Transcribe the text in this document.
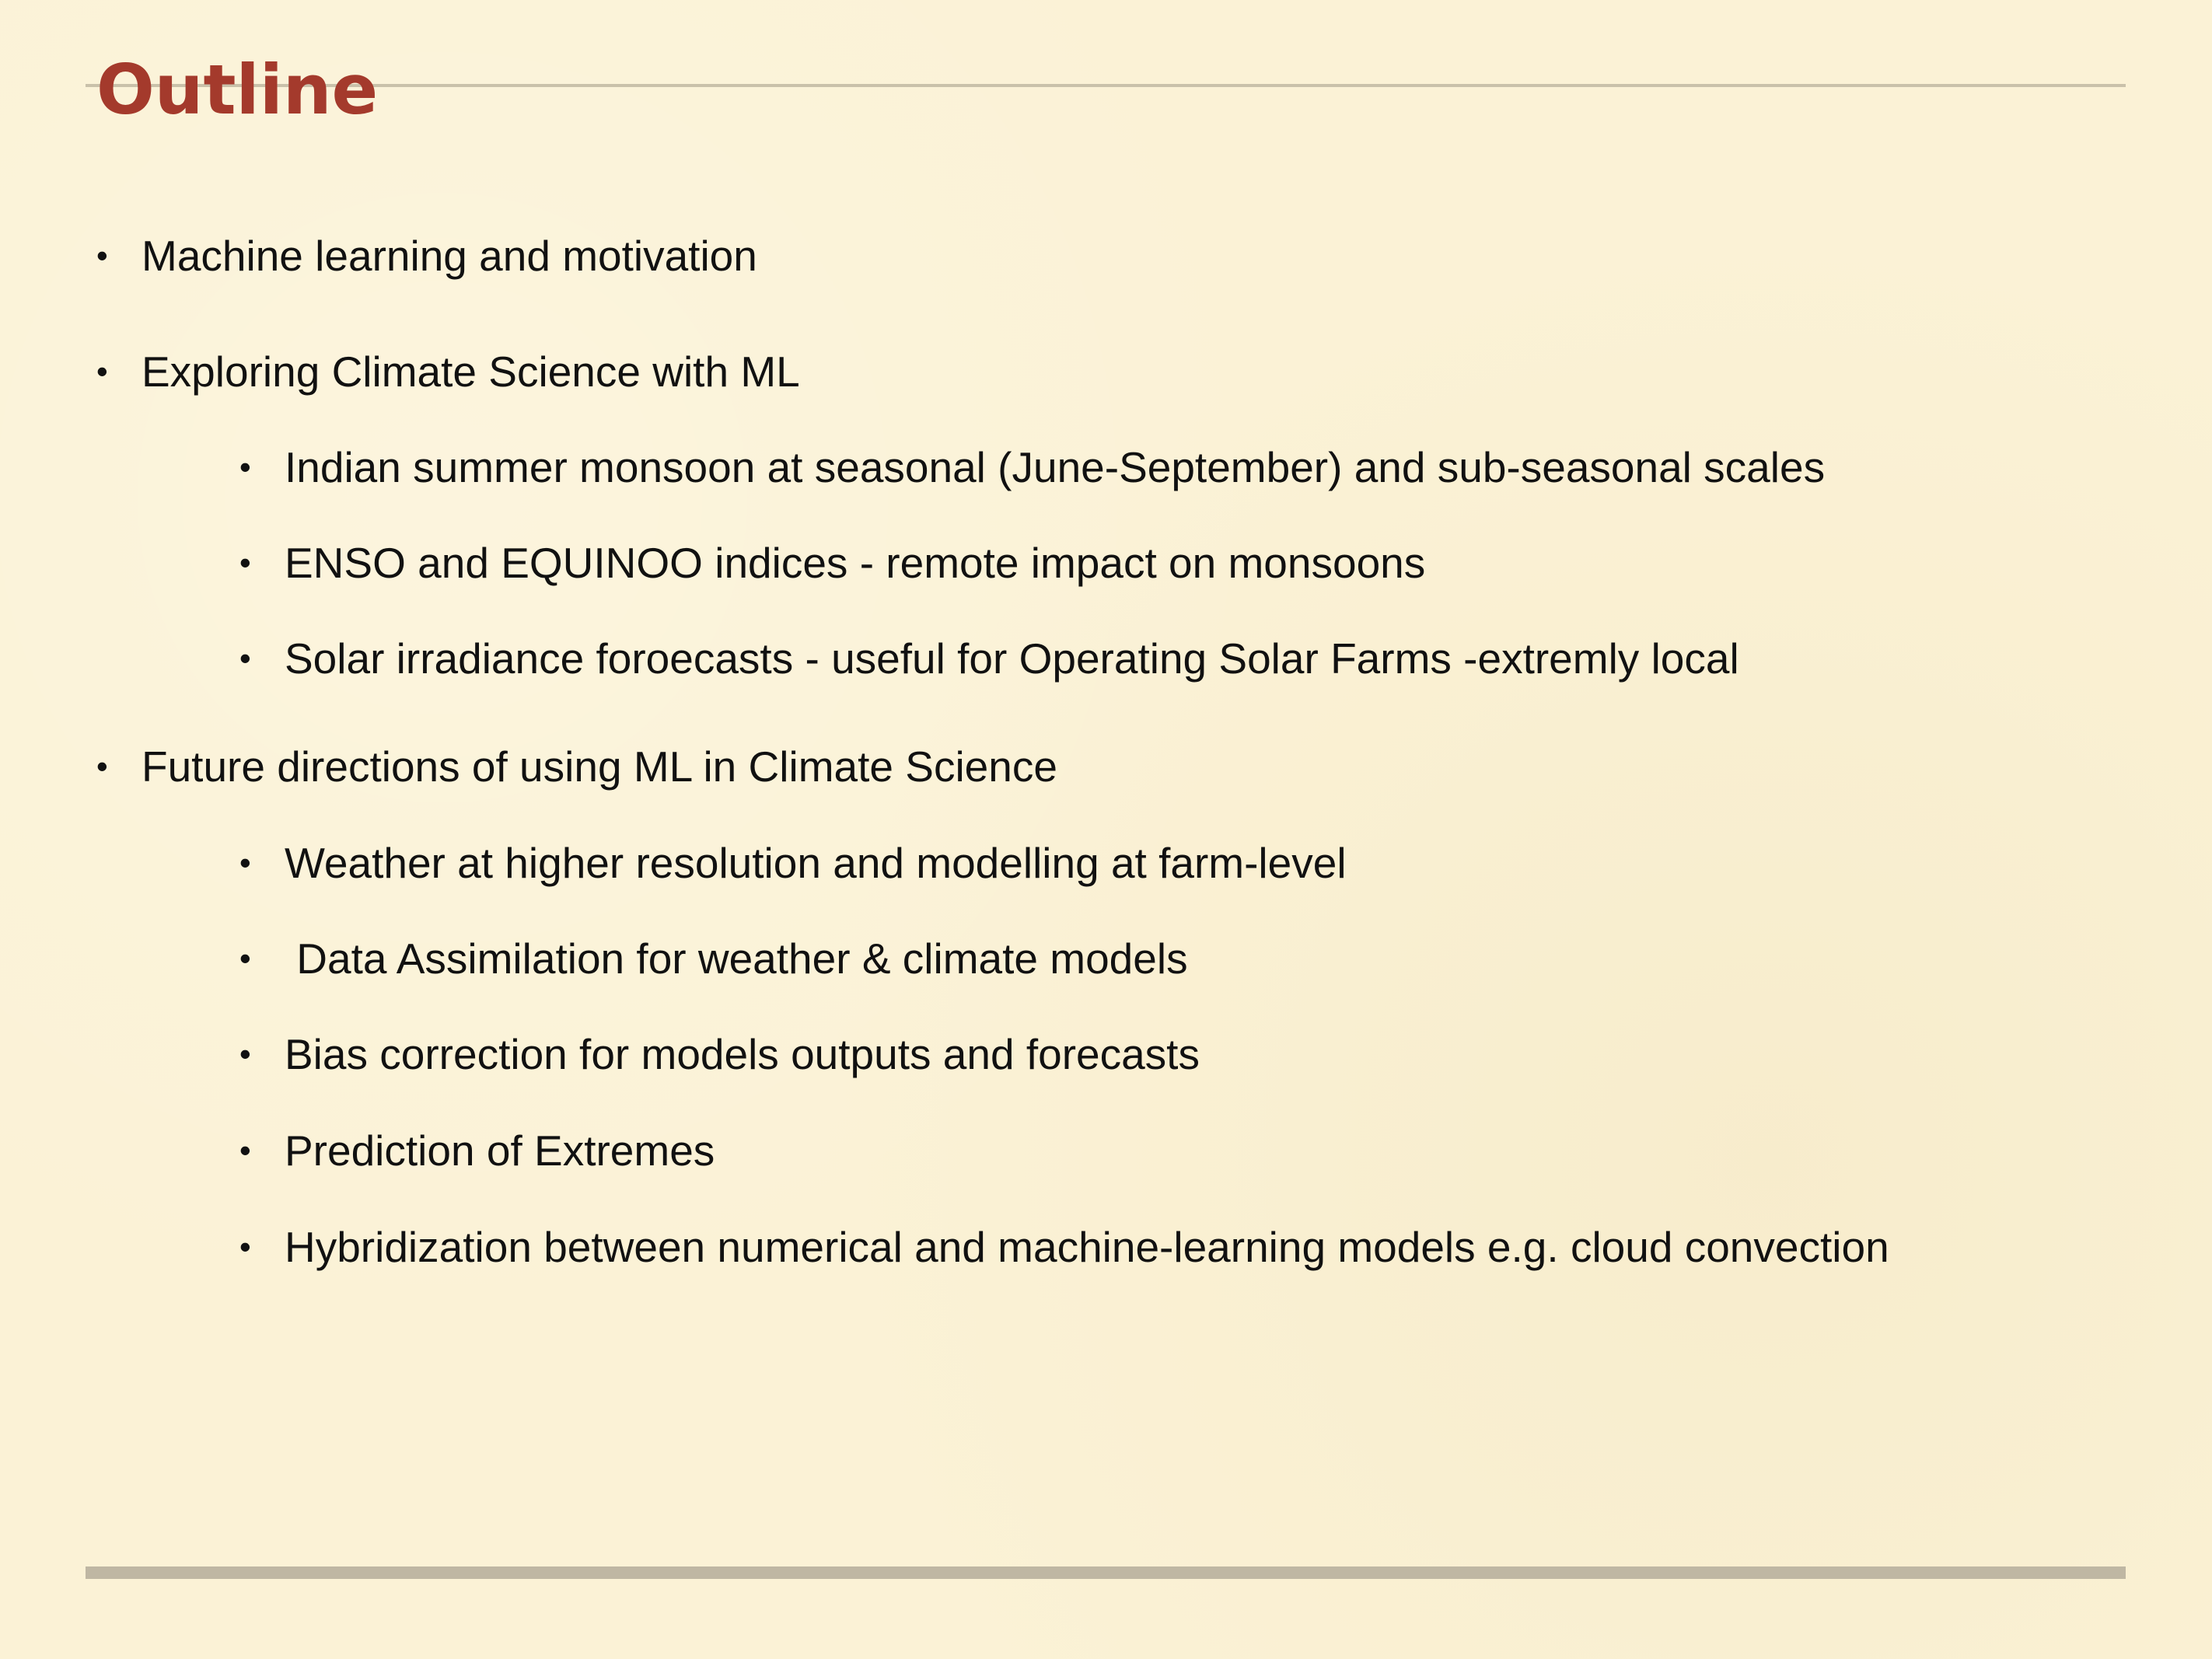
Outline
• Machine learning and motivation
• Exploring Climate Science with ML
• Indian summer monsoon at seasonal (June-September) and sub-seasonal scales
• ENSO and EQUINOO indices - remote impact on monsoons
• Solar irradiance foroecasts - useful for Operating Solar Farms -extremly local
• Future directions of using ML in Climate Science
• Weather at higher resolution and modelling at farm-level
• Data Assimilation for weather & climate models
• Bias correction for models outputs and forecasts
• Prediction of Extremes
• Hybridization between numerical and machine-learning models e.g. cloud convection
